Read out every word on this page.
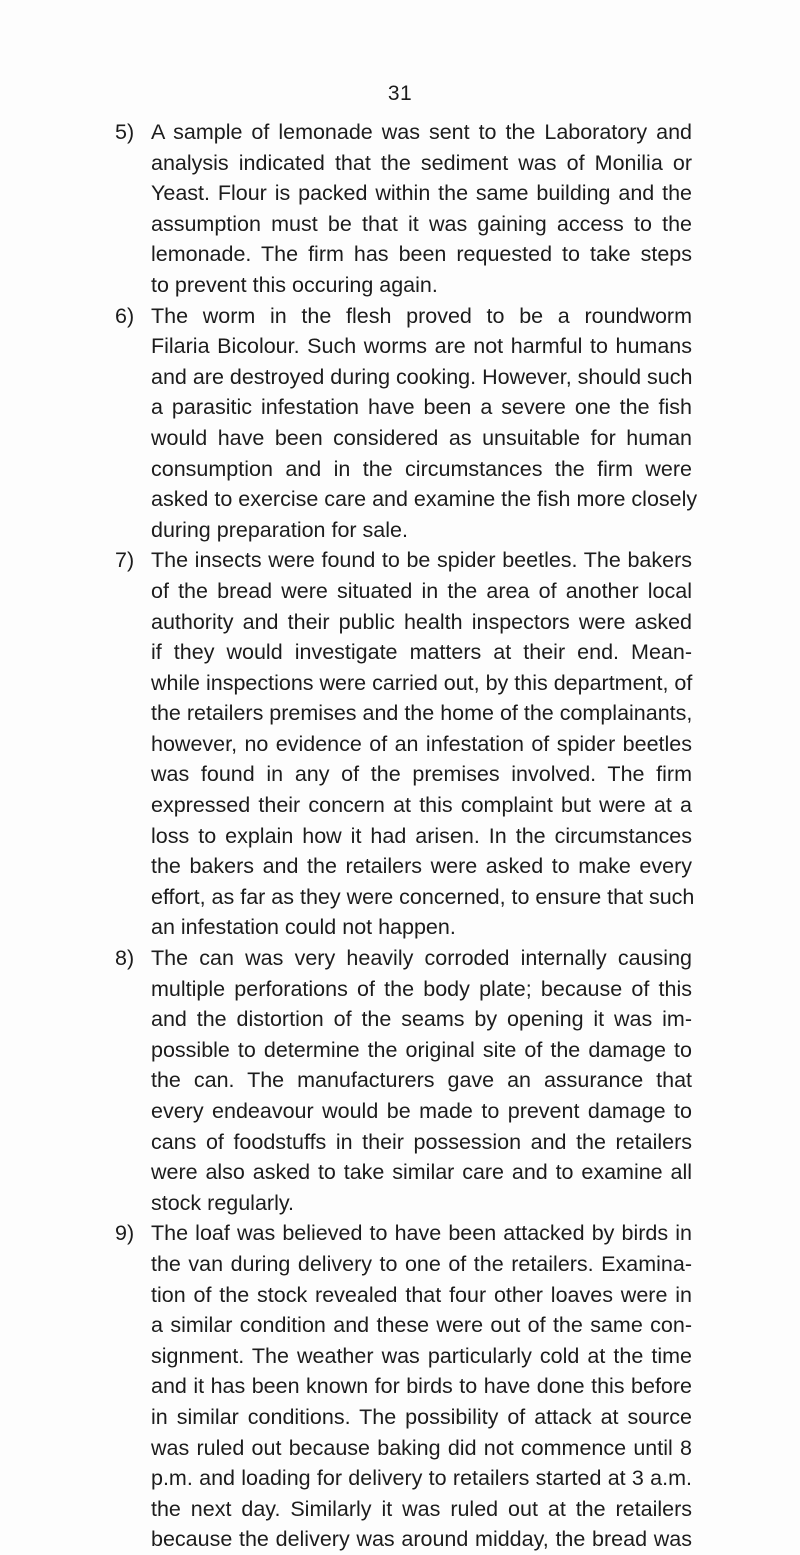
31
5) A sample of lemonade was sent to the Laboratory and
analysis indicated that the sediment was of Monilia or
Yeast. Flour is packed within the same building and the
assumption must be that it was gaining access to the
lemonade. The firm has been requested to take steps
to prevent this occuring again.
6) The worm in the flesh proved to be a roundworm
Filaria Bicolour. Such worms are not harmful to humans
and are destroyed during cooking. However, should such
a parasitic infestation have been a severe one the fish
would have been considered as unsuitable for human
consumption and in the circumstances the firm were
asked to exercise care and examine the fish more closely
during preparation for sale.
7) The insects were found to be spider beetles. The bakers
of the bread were situated in the area of another local
authority and their public health inspectors were asked
if they would investigate matters at their end. Mean-
while inspections were carried out, by this department, of
the retailers premises and the home of the complainants,
however, no evidence of an infestation of spider beetles
was found in any of the premises involved. The firm
expressed their concern at this complaint but were at a
loss to explain how it had arisen. In the circumstances
the bakers and the retailers were asked to make every
effort, as far as they were concerned, to ensure that such
an infestation could not happen.
8) The can was very heavily corroded internally causing
multiple perforations of the body plate; because of this
and the distortion of the seams by opening it was im-
possible to determine the original site of the damage to
the can. The manufacturers gave an assurance that
every endeavour would be made to prevent damage to
cans of foodstuffs in their possession and the retailers
were also asked to take similar care and to examine all
stock regularly.
9) The loaf was believed to have been attacked by birds in
the van during delivery to one of the retailers. Examina-
tion of the stock revealed that four other loaves were in
a similar condition and these were out of the same con-
signment. The weather was particularly cold at the time
and it has been known for birds to have done this before
in similar conditions. The possibility of attack at source
was ruled out because baking did not commence until 8
p.m. and loading for delivery to retailers started at 3 a.m.
the next day. Similarly it was ruled out at the retailers
because the delivery was around midday, the bread was
